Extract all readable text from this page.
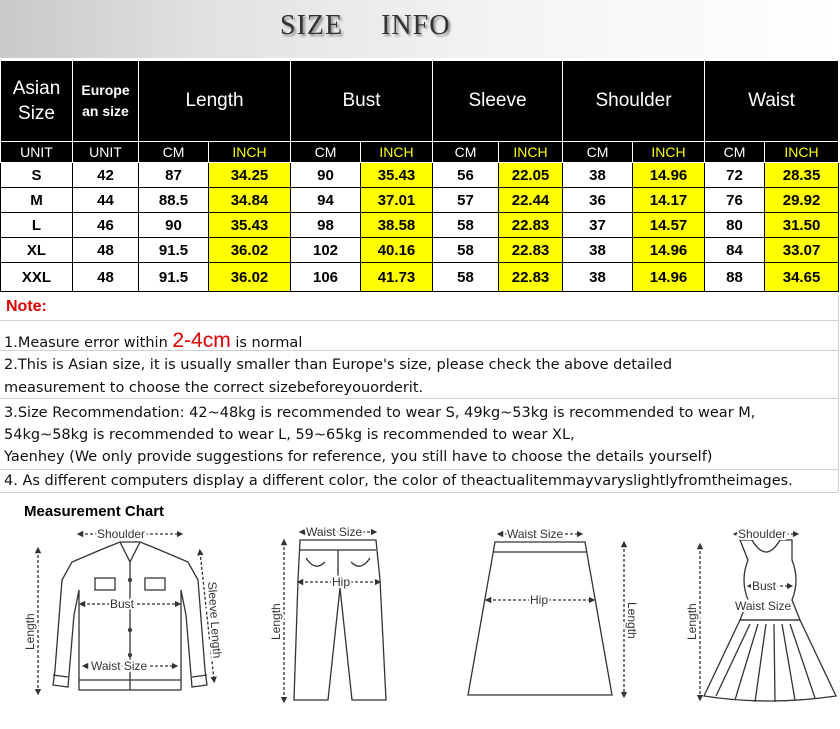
SIZE INFO
Asian
Size	Europe
an size	Length		Bust		Sleeve		Shoulder		Waist	
UNIT	UNIT	CM	INCH	CM	INCH	CM	INCH	CM	INCH	CM	INCH
S	42	87	34.25	90	35.43	56	22.05	38	14.96	72	28.35
M	44	88.5	34.84	94	37.01	57	22.44	36	14.17	76	29.92
L	46	90	35.43	98	38.58	58	22.83	37	14.57	80	31.50
XL	48	91.5	36.02	102	40.16	58	22.83	38	14.96	84	33.07
XXL	48	91.5	36.02	106	41.73	58	22.83	38	14.96	88	34.65
Note:
1.Measure error within 2-4cm is normal
2.This is Asian size, it is usually smaller than Europe's size, please check the above detailed
measurement to choose the correct sizebeforeyouorderit.
3.Size Recommendation: 42~48kg is recommended to wear S, 49kg~53kg is recommended to wear M,
54kg~58kg is recommended to wear L, 59~65kg is recommended to wear XL,
Yaenhey (We only provide suggestions for reference, you still have to choose the details yourself)
4. As different computers display a different color, the color of theactualitemmayvaryslightlyfromtheimages.
Measurement Chart
Shoulder
Bust
Waist Size
Length	Sleeve Length
Waist Size
Hip
Length
Waist Size
Hip
Length
Shoulder
Bust
Waist Size
Length
